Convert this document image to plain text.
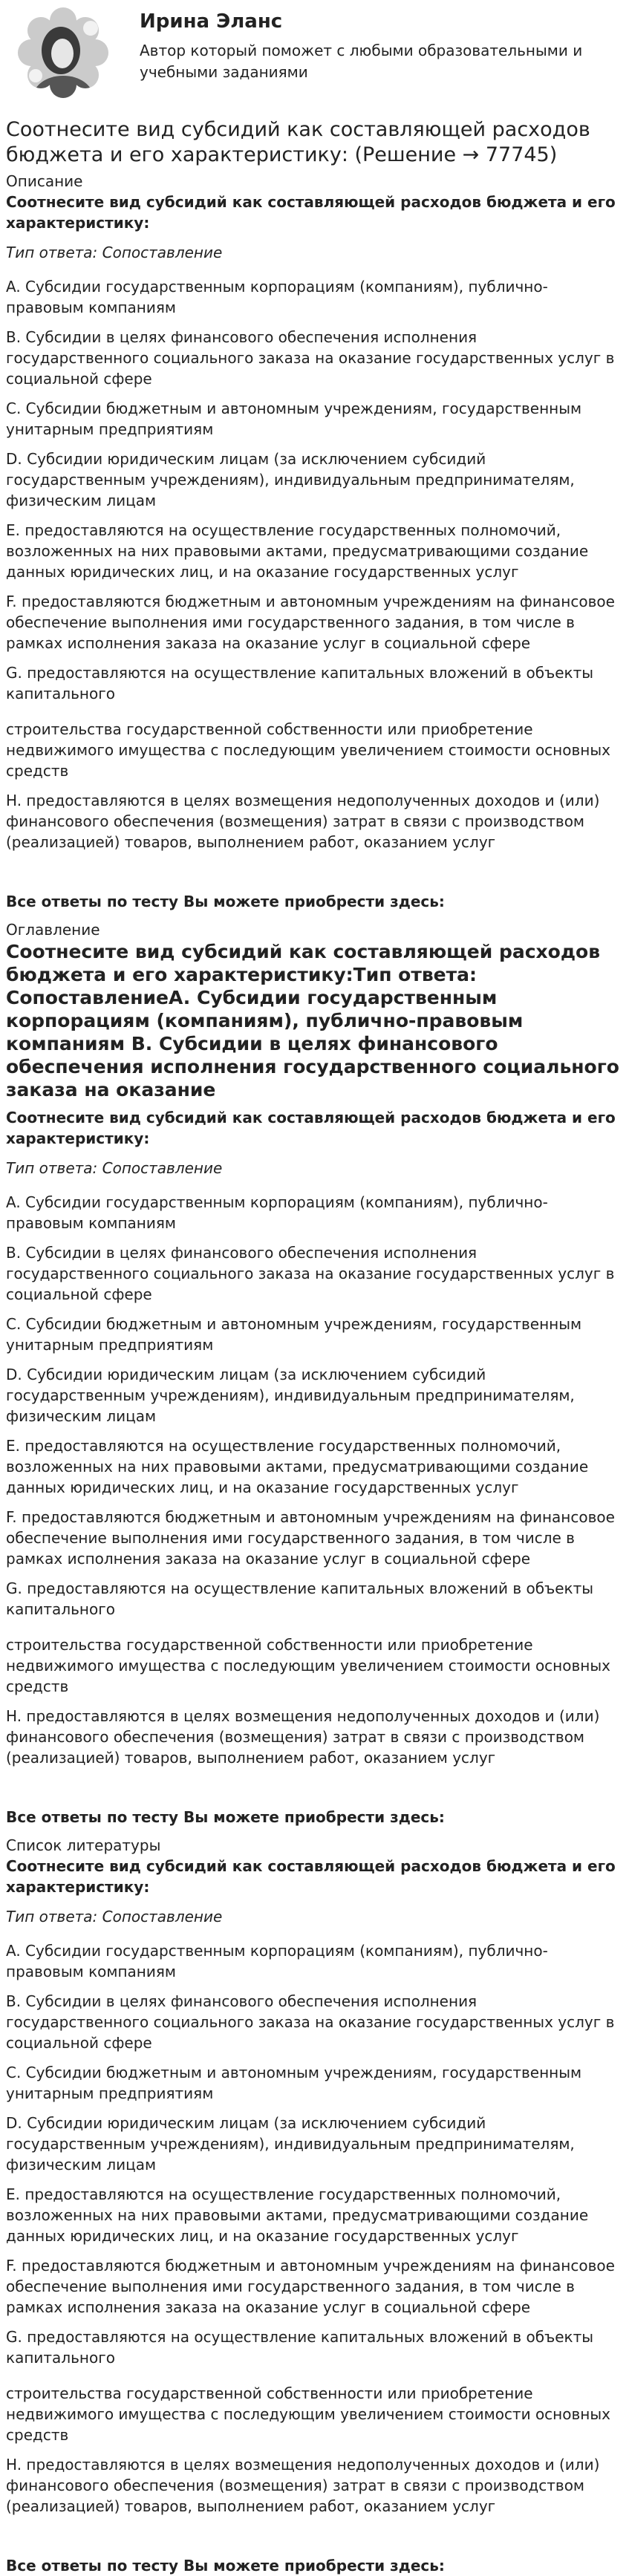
Ирина Эланс
Автор который поможет с любыми образовательными и учебными заданиями
Соотнесите вид субсидий как составляющей расходов бюджета и его характеристику: (Решение → 77745)
Описание
Соотнесите вид субсидий как составляющей расходов бюджета и его характеристику:
Тип ответа: Сопоставление
A. Субсидии государственным корпорациям (компаниям), публично-правовым компаниям
B. Субсидии в целях финансового обеспечения исполнения государственного социального заказа на оказание государственных услуг в социальной сфере
C. Субсидии бюджетным и автономным учреждениям, государственным унитарным предприятиям
D. Субсидии юридическим лицам (за исключением субсидий государственным учреждениям), индивидуальным предпринимателям, физическим лицам
E. предоставляются на осуществление государственных полномочий, возложенных на них правовыми актами, предусматривающими создание данных юридических лиц, и на оказание государственных услуг
F. предоставляются бюджетным и автономным учреждениям на финансовое обеспечение выполнения ими государственного задания, в том числе в рамках исполнения заказа на оказание услуг в социальной сфере
G. предоставляются на осуществление капитальных вложений в объекты капитального
строительства государственной собственности или приобретение недвижимого имущества с последующим увеличением стоимости основных средств
H. предоставляются в целях возмещения недополученных доходов и (или) финансового обеспечения (возмещения) затрат в связи с производством (реализацией) товаров, выполнением работ, оказанием услуг
Все ответы по тесту Вы можете приобрести здесь:
Оглавление
Соотнесите вид субсидий как составляющей расходов бюджета и его характеристику:Тип ответа: СопоставлениеA. Субсидии государственным корпорациям (компаниям), публично-правовым компаниям B. Субсидии в целях финансового обеспечения исполнения государственного социального заказа на оказание
Соотнесите вид субсидий как составляющей расходов бюджета и его характеристику:
Тип ответа: Сопоставление
A. Субсидии государственным корпорациям (компаниям), публично-правовым компаниям
B. Субсидии в целях финансового обеспечения исполнения государственного социального заказа на оказание государственных услуг в социальной сфере
C. Субсидии бюджетным и автономным учреждениям, государственным унитарным предприятиям
D. Субсидии юридическим лицам (за исключением субсидий государственным учреждениям), индивидуальным предпринимателям, физическим лицам
E. предоставляются на осуществление государственных полномочий, возложенных на них правовыми актами, предусматривающими создание данных юридических лиц, и на оказание государственных услуг
F. предоставляются бюджетным и автономным учреждениям на финансовое обеспечение выполнения ими государственного задания, в том числе в рамках исполнения заказа на оказание услуг в социальной сфере
G. предоставляются на осуществление капитальных вложений в объекты капитального
строительства государственной собственности или приобретение недвижимого имущества с последующим увеличением стоимости основных средств
H. предоставляются в целях возмещения недополученных доходов и (или) финансового обеспечения (возмещения) затрат в связи с производством (реализацией) товаров, выполнением работ, оказанием услуг
Все ответы по тесту Вы можете приобрести здесь:
Список литературы
Соотнесите вид субсидий как составляющей расходов бюджета и его характеристику:
Тип ответа: Сопоставление
A. Субсидии государственным корпорациям (компаниям), публично-правовым компаниям
B. Субсидии в целях финансового обеспечения исполнения государственного социального заказа на оказание государственных услуг в социальной сфере
C. Субсидии бюджетным и автономным учреждениям, государственным унитарным предприятиям
D. Субсидии юридическим лицам (за исключением субсидий государственным учреждениям), индивидуальным предпринимателям, физическим лицам
E. предоставляются на осуществление государственных полномочий, возложенных на них правовыми актами, предусматривающими создание данных юридических лиц, и на оказание государственных услуг
F. предоставляются бюджетным и автономным учреждениям на финансовое обеспечение выполнения ими государственного задания, в том числе в рамках исполнения заказа на оказание услуг в социальной сфере
G. предоставляются на осуществление капитальных вложений в объекты капитального
строительства государственной собственности или приобретение недвижимого имущества с последующим увеличением стоимости основных средств
H. предоставляются в целях возмещения недополученных доходов и (или) финансового обеспечения (возмещения) затрат в связи с производством (реализацией) товаров, выполнением работ, оказанием услуг
Все ответы по тесту Вы можете приобрести здесь:
